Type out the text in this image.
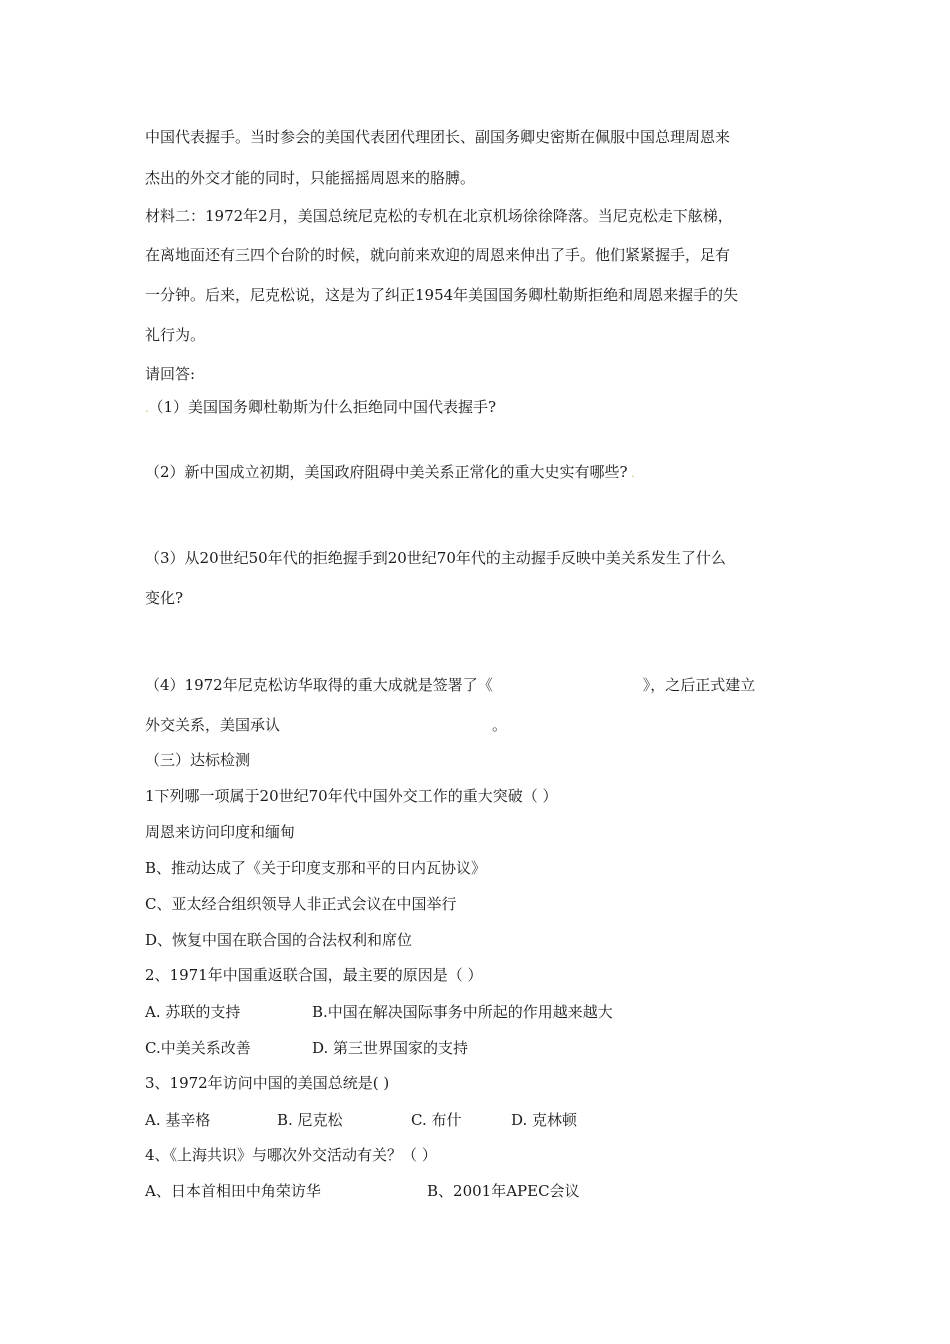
中国代表握手。当时参会的美国代表团代理团长、副国务卿史密斯在佩服中国总理周恩来
杰出的外交才能的同时，只能摇摇周恩来的胳膊。
材料二：1972年2月，美国总统尼克松的专机在北京机场徐徐降落。当尼克松走下舷梯，
在离地面还有三四个台阶的时候，就向前来欢迎的周恩来伸出了手。他们紧紧握手，足有
一分钟。后来，尼克松说，这是为了纠正1954年美国国务卿杜勒斯拒绝和周恩来握手的失
礼行为。
请回答:
.（1）美国国务卿杜勒斯为什么拒绝同中国代表握手?
（2）新中国成立初期，美国政府阻碍中美关系正常化的重大史实有哪些? .
（3）从20世纪50年代的拒绝握手到20世纪70年代的主动握手反映中美关系发生了什么
变化?
（4）1972年尼克松访华取得的重大成就是签署了《	》，之后正式建立
外交关系，美国承认	。
（三）达标检测
1下列哪一项属于20世纪70年代中国外交工作的重大突破（ ）
周恩来访问印度和缅甸
B、推动达成了《关于印度支那和平的日内瓦协议》
C、亚太经合组织领导人非正式会议在中国举行
D、恢复中国在联合国的合法权利和席位
2、1971年中国重返联合国，最主要的原因是（ ）
A. 苏联的支持	B.中国在解决国际事务中所起的作用越来越大
C.中美关系改善	D. 第三世界国家的支持
3、1972年访问中国的美国总统是( )
A. 基辛格	B. 尼克松	C. 布什	D. 克林顿
4、《上海共识》与哪次外交活动有关？（ ）
A、日本首相田中角荣访华	B、2001年APEC会议
